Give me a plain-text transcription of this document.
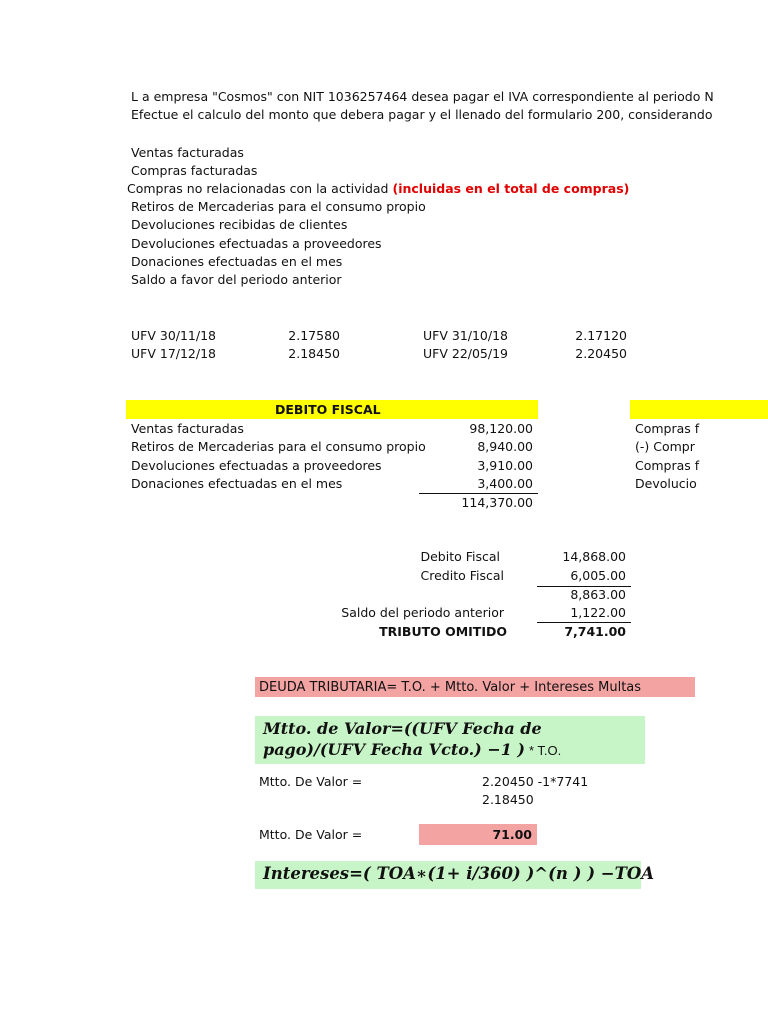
L a empresa "Cosmos" con NIT 1036257464 desea pagar el IVA correspondiente al periodo N
Efectue el calculo del monto que debera pagar y el llenado del formulario 200, considerando
Ventas facturadas
Compras facturadas
Compras no relacionadas con la actividad (incluidas en el total de compras)
Retiros de Mercaderias para el consumo propio
Devoluciones recibidas de clientes
Devoluciones efectuadas a proveedores
Donaciones efectuadas en el mes
Saldo a favor del periodo anterior
UFV 30/11/18	2.17580	UFV 31/10/18	2.17120
UFV 17/12/18	2.18450	UFV 22/05/19	2.20450
DEBITO FISCAL
Ventas facturadas	98,120.00
Retiros de Mercaderias para el consumo propio	8,940.00
Devoluciones efectuadas a proveedores	3,910.00
Donaciones efectuadas en el mes	3,400.00
114,370.00
Compras f
(-) Compr
Compras f
Devolucio
Debito Fiscal	14,868.00
Credito Fiscal	6,005.00
8,863.00
Saldo del periodo anterior	1,122.00
TRIBUTO OMITIDO	7,741.00
DEUDA TRIBUTARIA= T.O. + Mtto. Valor + Intereses Multas
Mtto. de Valor=((UFV Fecha de
pago)/(UFV Fecha Vcto.) −1 ) * T.O.
Mtto. De Valor =	2.20450 -1*7741
2.18450
Mtto. De Valor =	71.00
Intereses=( TOA∗(1+ i/360) )^(n ) ) −TOA
